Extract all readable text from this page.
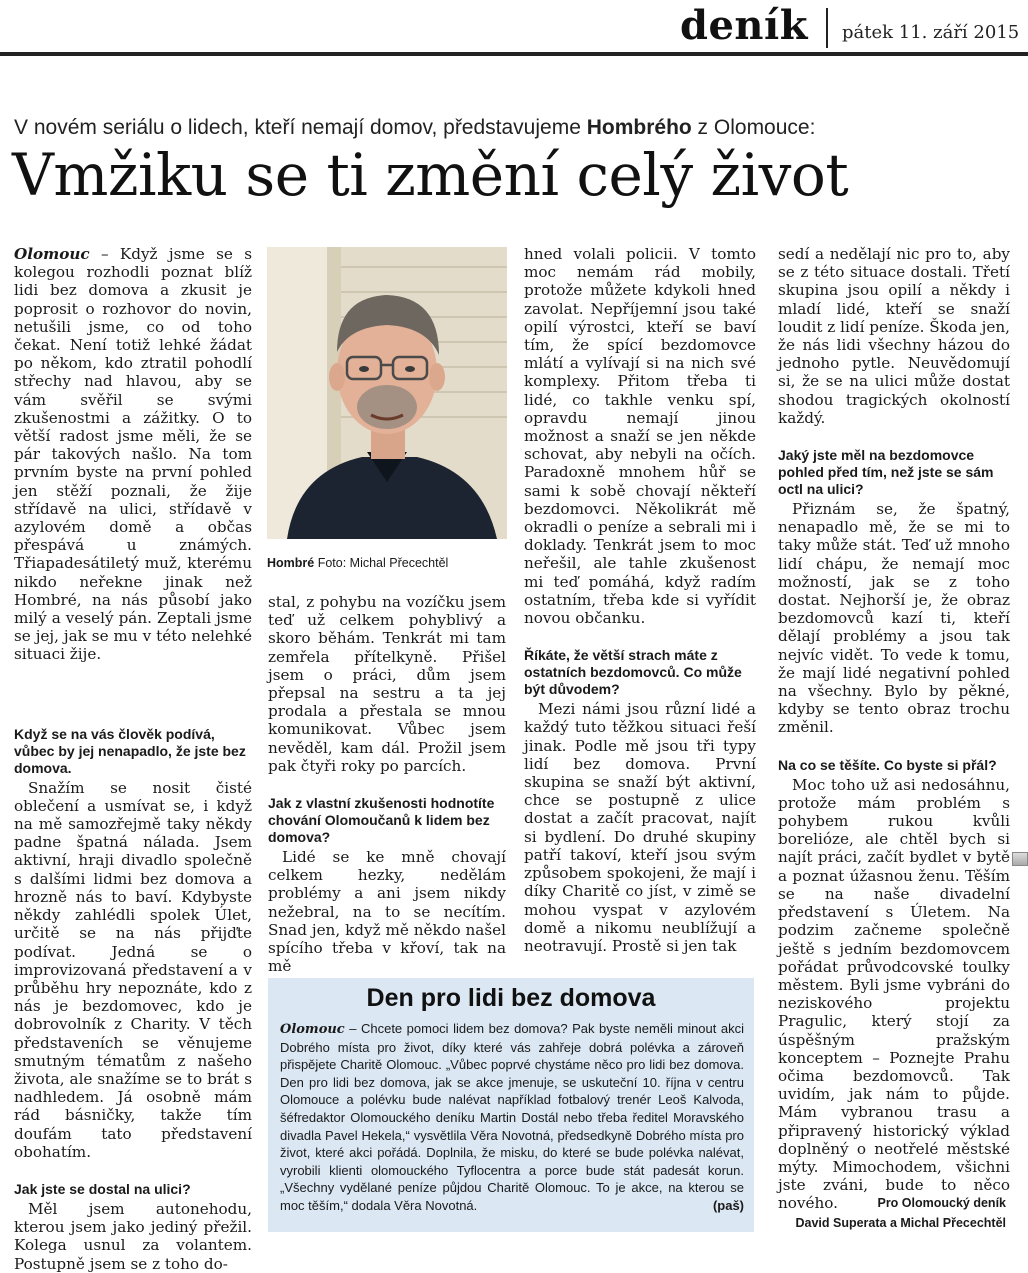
deník pátek 11. září 2015
V novém seriálu o lidech, kteří nemají domov, představujeme Hombrého z Olomouce:
Vmžiku se ti změní celý život

Olomouc – Když jsme se s kolegou rozhodli poznat blíž lidi bez domova a zkusit je poprosit o rozhovor do novin, netušili jsme, co od toho čekat. Není totiž lehké žádat po někom, kdo ztratil pohodlí střechy nad hlavou, aby se vám svěřil se svými zkušenostmi a zážitky. O to větší radost jsme měli, že se pár takových našlo. Na tom prvním byste na první pohled jen stěží poznali, že žije střídavě na ulici, střídavě v azylovém domě a občas přespává u známých. Třiapadesátiletý muž, kterému nikdo neřekne jinak než Hombré, na nás působí jako milý a veselý pán. Zeptali jsme se jej, jak se mu v této nelehké situaci žije.

Když se na vás člověk podívá, vůbec by jej nenapadlo, že jste bez domova.

Snažím se nosit čisté oblečení a usmívat se, i když na mě samozřejmě taky někdy padne špatná nálada. Jsem aktivní, hraji divadlo společně s dalšími lidmi bez domova a hrozně nás to baví. Kdybyste někdy zahlédli spolek Úlet, určitě se na nás přijďte podívat. Jedná se o improvizovaná představení a v průběhu hry nepoznáte, kdo z nás je bezdomovec, kdo je dobrovolník z Charity. V těch představeních se věnujeme smutným tématům z našeho života, ale snažíme se to brát s nadhledem. Já osobně mám rád básničky, takže tím doufám tato představení obohatím.

Jak jste se dostal na ulici?

Měl jsem autonehodu, kterou jsem jako jediný přežil. Kolega usnul za volantem. Postupně jsem se z toho do-

Hombré Foto: Michal Přecechtěl

stal, z pohybu na vozíčku jsem teď už celkem pohyblivý a skoro běhám. Tenkrát mi tam zemřela přítelkyně. Přišel jsem o práci, dům jsem přepsal na sestru a ta jej prodala a přestala se mnou komunikovat. Vůbec jsem nevěděl, kam dál. Prožil jsem pak čtyři roky po parcích.

Jak z vlastní zkušenosti hodnotíte chování Olomoučanů k lidem bez domova?

Lidé se ke mně chovají celkem hezky, nedělám problémy a ani jsem nikdy nežebral, na to se necítím. Snad jen, když mě někdo našel spícího třeba v křoví, tak na mě

hned volali policii. V tomto moc nemám rád mobily, protože můžete kdykoli hned zavolat. Nepříjemní jsou také opilí výrostci, kteří se baví tím, že spící bezdomovce mlátí a vylívají si na nich své komplexy. Přitom třeba ti lidé, co takhle venku spí, opravdu nemají jinou možnost a snaží se jen někde schovat, aby nebyli na očích. Paradoxně mnohem hůř se sami k sobě chovají někteří bezdomovci. Několikrát mě okradli o peníze a sebrali mi i doklady. Tenkrát jsem to moc neřešil, ale tahle zkušenost mi teď pomáhá, když radím ostatním, třeba kde si vyřídit novou občanku.

Říkáte, že větší strach máte z ostatních bezdomovců. Co může být důvodem?

Mezi námi jsou různí lidé a každý tuto těžkou situaci řeší jinak. Podle mě jsou tři typy lidí bez domova. První skupina se snaží být aktivní, chce se postupně z ulice dostat a začít pracovat, najít si bydlení. Do druhé skupiny patří takoví, kteří jsou svým způsobem spokojeni, že mají i díky Charitě co jíst, v zimě se mohou vyspat v azylovém domě a nikomu neublížují a neotravují. Prostě si jen tak

sedí a nedělají nic pro to, aby se z této situace dostali. Třetí skupina jsou opilí a někdy i mladí lidé, kteří se snaží loudit z lidí peníze. Škoda jen, že nás lidi všechny házou do jednoho pytle. Neuvědomují si, že se na ulici může dostat shodou tragických okolností každý.

Jaký jste měl na bezdomovce pohled před tím, než jste se sám octl na ulici?

Přiznám se, že špatný, nenapadlo mě, že se mi to taky může stát. Teď už mnoho lidí chápu, že nemají moc možností, jak se z toho dostat. Nejhorší je, že obraz bezdomovců kazí ti, kteří dělají problémy a jsou tak nejvíc vidět. To vede k tomu, že mají lidé negativní pohled na všechny. Bylo by pěkné, kdyby se tento obraz trochu změnil.

Na co se těšíte. Co byste si přál?

Moc toho už asi nedosáhnu, protože mám problém s pohybem rukou kvůli borelióze, ale chtěl bych si najít práci, začít bydlet v bytě a poznat úžasnou ženu. Těším se na naše divadelní představení s Úletem. Na podzim začneme společně ještě s jedním bezdomovcem pořádat průvodcovské toulky městem. Byli jsme vybráni do neziskového projektu Pragulic, který stojí za úspěšným pražským konceptem – Poznejte Prahu očima bezdomovců. Tak uvidím, jak nám to půjde. Mám vybranou trasu a připravený historický výklad doplněný o neotřelé městské mýty. Mimochodem, všichni jste zváni, bude to něco nového.	Pro Olomoucký deník
David Superata a Michal Přecechtěl
Den pro lidi bez domova
Olomouc – Chcete pomoci lidem bez domova? Pak byste neměli minout akci Dobrého místa pro život, díky které vás zahřeje dobrá polévka a zároveň přispějete Charitě Olomouc. „Vůbec poprvé chystáme něco pro lidi bez domova. Den pro lidi bez domova, jak se akce jmenuje, se uskuteční 10. října v centru Olomouce a polévku bude nalévat například fotbalový trenér Leoš Kalvoda, šéfredaktor Olomouckého deníku Martin Dostál nebo třeba ředitel Moravského divadla Pavel Hekela,“ vysvětlila Věra Novotná, předsedkyně Dobrého místa pro život, které akci pořádá. Doplnila, že misku, do které se bude polévka nalévat, vyrobili klienti olomouckého Tyflocentra a porce bude stát padesát korun. „Všechny vydělané peníze půjdou Charitě Olomouc. To je akce, na kterou se moc těším,“ dodala Věra Novotná.	(paš)
